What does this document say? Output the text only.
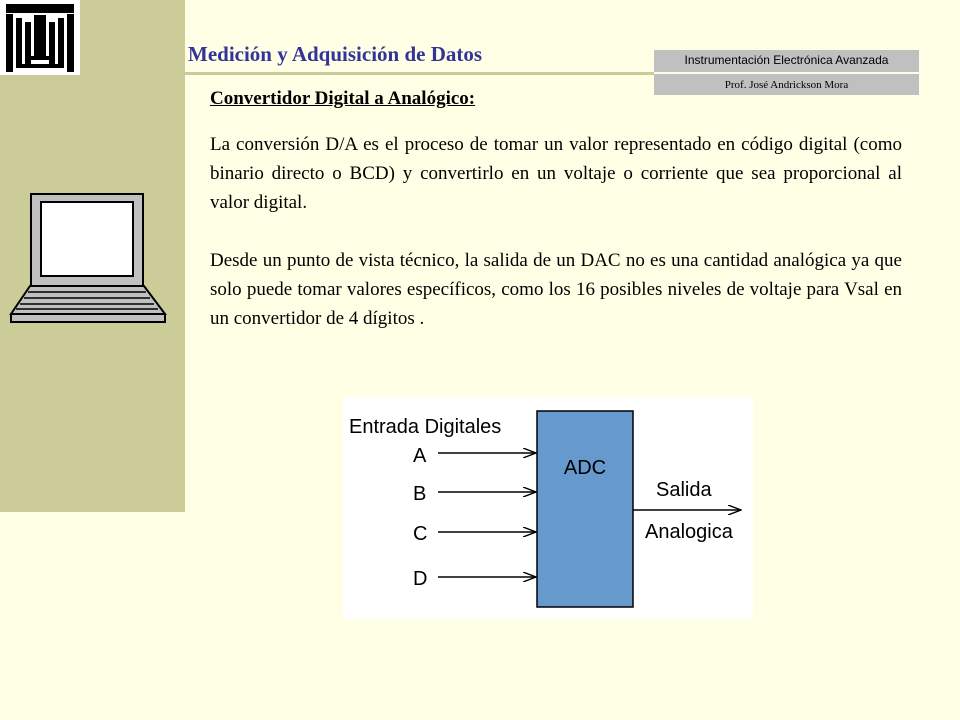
Medición y Adquisición de Datos	Instrumentación Electrónica Avanzada
Prof. José Andrickson Mora
Convertidor Digital a Analógico:

La conversión D/A es el proceso de tomar un valor representado en código digital (como binario directo o BCD) y convertirlo en un voltaje o corriente que sea proporcional al valor digital.

Desde un punto de vista técnico, la salida de un DAC no es una cantidad analógica ya que solo puede tomar valores específicos, como los 16 posibles niveles de voltaje para Vsal en un convertidor de 4 dígitos .

Entrada Digitales
A
B
C
D
ADC
Salida
Analogica
